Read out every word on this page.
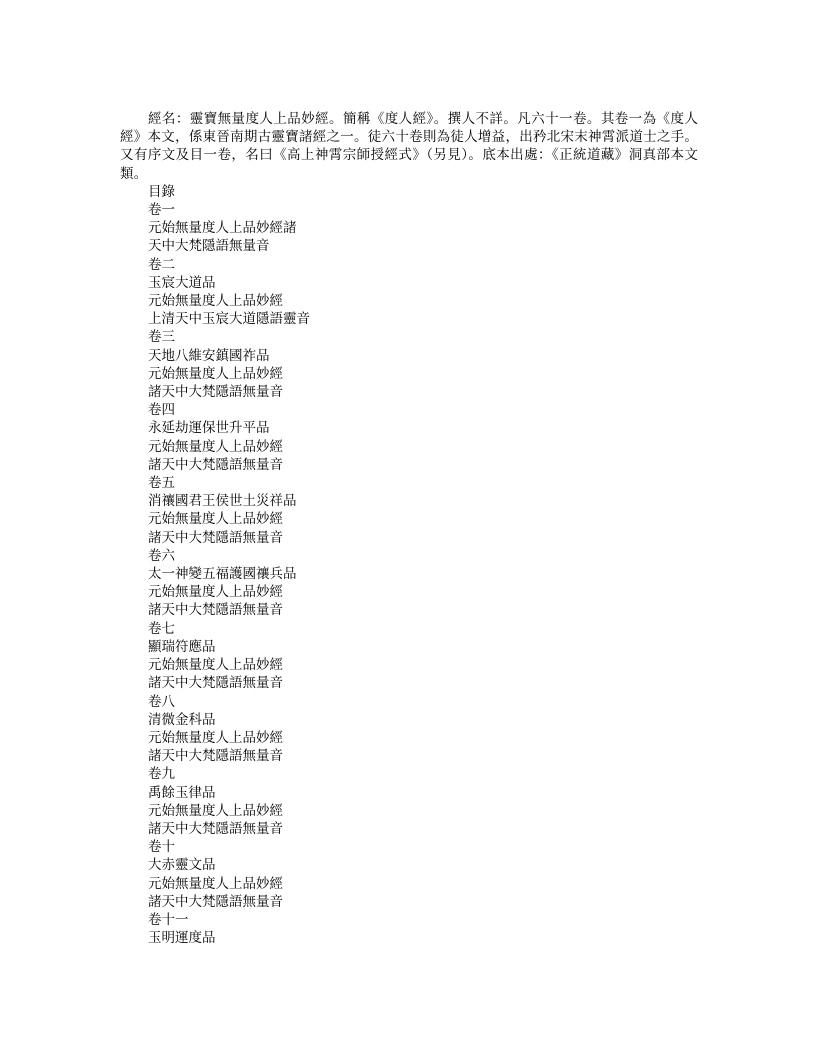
經名：靈寶無量度人上品妙經。簡稱《度人經》。撰人不詳。凡六十一卷。其卷一為《度人經》本文，係東晉南期古靈寶諸經之一。徒六十卷則為徒人增益，出矜北宋末神霄派道士之手。又有序文及目一卷，名曰《高上神霄宗師授經式》（另見）。底本出處：《正統道藏》洞真部本文類。

目錄
卷一
元始無量度人上品妙經諸
天中大梵隱語無量音
卷二
玉宸大道品
元始無量度人上品妙經
上清天中玉宸大道隱語靈音
卷三
天地八維安鎮國祚品
元始無量度人上品妙經
諸天中大梵隱語無量音
卷四
永延劫運保世升平品
元始無量度人上品妙經
諸天中大梵隱語無量音
卷五
消禳國君王侯世土災祥品
元始無量度人上品妙經
諸天中大梵隱語無量音
卷六
太一神變五福護國禳兵品
元始無量度人上品妙經
諸天中大梵隱語無量音
卷七
顯瑞符應品
元始無量度人上品妙經
諸天中大梵隱語無量音
卷八
清微金科品
元始無量度人上品妙經
諸天中大梵隱語無量音
卷九
禹餘玉律品
元始無量度人上品妙經
諸天中大梵隱語無量音
卷十
大赤靈文品
元始無量度人上品妙經
諸天中大梵隱語無量音
卷十一
玉明運度品
